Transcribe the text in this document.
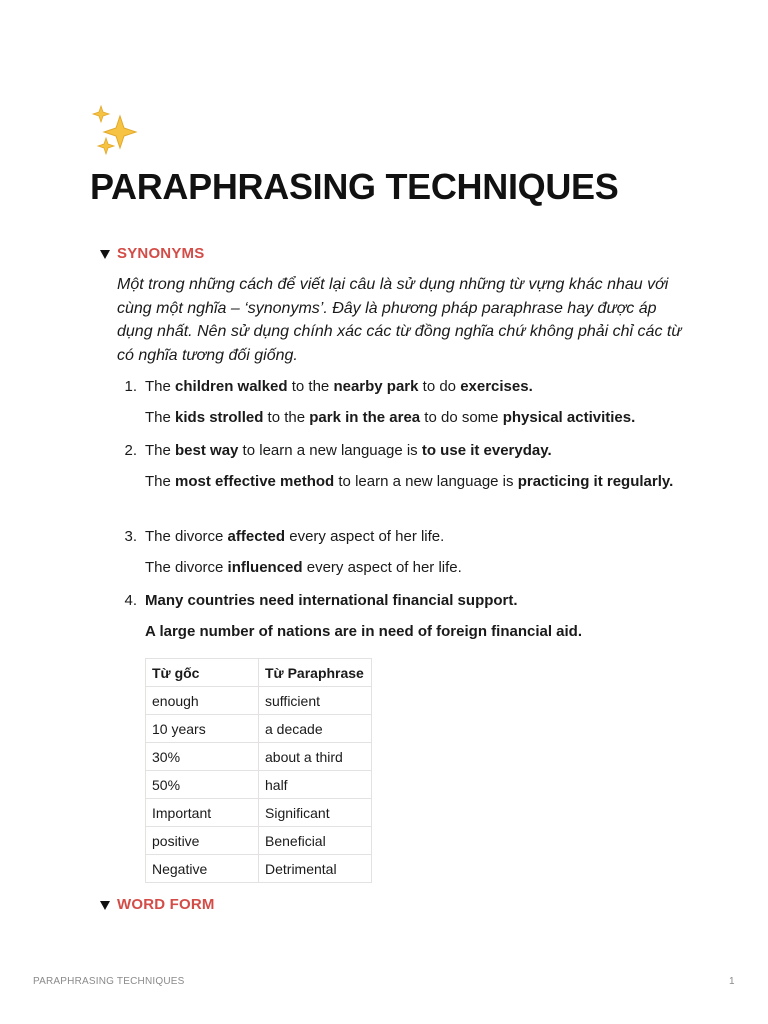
PARAPHRASING TECHNIQUES
SYNONYMS

Một trong những cách để viết lại câu là sử dụng những từ vựng khác nhau với cùng một nghĩa – ‘synonyms’. Đây là phương pháp paraphrase hay được áp dụng nhất. Nên sử dụng chính xác các từ đồng nghĩa chứ không phải chỉ các từ có nghĩa tương đối giống.

1. The children walked to the nearby park to do exercises.
The kids strolled to the park in the area to do some physical activities.
2. The best way to learn a new language is to use it everyday.
The most effective method to learn a new language is practicing it regularly.
3. The divorce affected every aspect of her life.
The divorce influenced every aspect of her life.
4. Many countries need international financial support.
A large number of nations are in need of foreign financial aid.
Từ gốc	Từ Paraphrase
enough	sufficient
10 years	a decade
30%	about a third
50%	half
Important	Significant
positive	Beneficial
Negative	Detrimental
WORD FORM
PARAPHRASING TECHNIQUES	1
